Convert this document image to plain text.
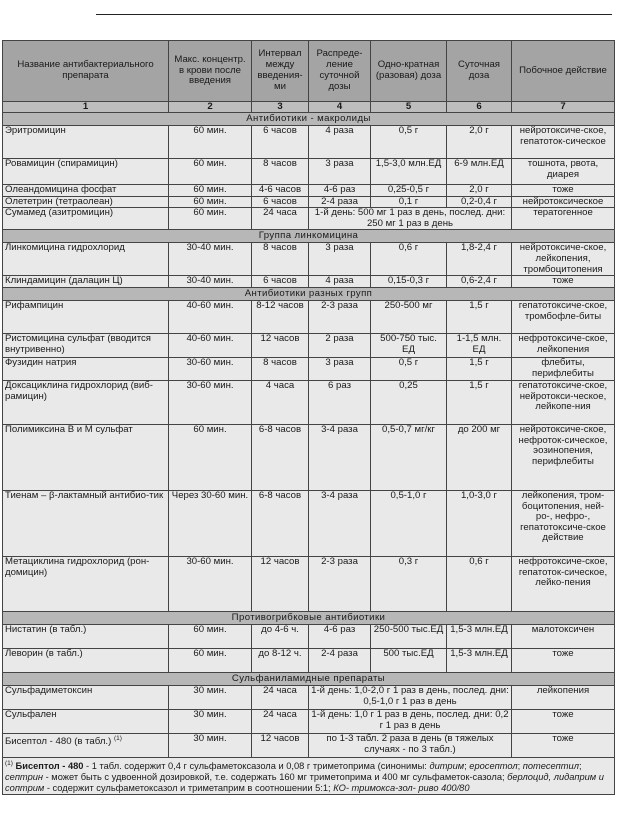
Название антибактериального препарата	Макс. концентр. в крови после введения	Интервал между введения-ми	Распреде-ление суточной дозы	Одно-кратная (разовая) доза	Суточная доза	Побочное действие
1	2	3	4	5	6	7
Антибиотики - макролиды						
Эритромицин	60 мин.	6 часов	4 раза	0,5 г	2,0 г	нейротоксиче-ское, гепатоток-сическое
Ровамицин (спирамицин)	60 мин.	8 часов	3 раза	1,5-3,0 млн.ЕД	6-9 млн.ЕД	тошнота, рвота, диарея
Олеандомицина фосфат	60 мин.	4-6 часов	4-6 раз	0,25-0,5 г	2,0 г	тоже
Олететрин (тетраолеан)	60 мин.	6 часов	2-4 раза	0,1 г	0,2-0,4 г	нейротоксическое
Сумамед (азитромицин)	60 мин.	24 часа	1-й день: 500 мг 1 раз в день, послед. дни: 250 мг 1 раз в день			тератогенное
Группа линкомицина						
Линкомицина гидрохлорид	30-40 мин.	8 часов	3 раза	0,6 г	1,8-2,4 г	нейротоксиче-ское, лейкопения, тромбоцитопения
Клиндамицин (далацин Ц)	30-40 мин.	6 часов	4 раза	0,15-0,3 г	0,6-2,4 г	тоже
Антибиотики разных групп						
Рифампицин	40-60 мин.	8-12 часов	2-3 раза	250-500 мг	1,5 г	гепатотоксиче-ское, тромбофле-биты
Ристомицина сульфат (вводится внутривенно)	40-60 мин.	12 часов	2 раза	500-750 тыс. ЕД	1-1,5 млн. ЕД	нефротоксиче-ское, лейкопения
Фузидин натрия	30-60 мин.	8 часов	3 раза	0,5 г	1,5 г	флебиты, перифлебиты
Доксациклина гидрохлорид (виб-рамицин)	30-60 мин.	4 часа	6 раз	0,25	1,5 г	гепатотоксиче-ское, нейротокси-ческое, лейкопе-ния
Полимиксина В и М сульфат	60 мин.	6-8 часов	3-4 раза	0,5-0,7 мг/кг	до 200 мг	нейротоксиче-ское, нефроток-сическое, эозинопения, перифлебиты
Тиенам – β-лактамный антибио-тик	Через 30-60 мин.	6-8 часов	3-4 раза	0,5-1,0 г	1,0-3,0 г	лейкопения, тром-боцитопения, ней-ро-, нефро-, гепатотоксиче-ское действие
Метациклина гидрохлорид (рон-домицин)	30-60 мин.	12 часов	2-3 раза	0,3 г	0,6 г	нефротоксиче-ское, гепатоток-сическое, лейко-пения
Противогрибковые антибиотики						
Нистатин (в табл.)	60 мин.	до 4-6 ч.	4-6 раз	250-500 тыс.ЕД	1,5-3 млн.ЕД	малотоксичен
Леворин (в табл.)	60 мин.	до 8-12 ч.	2-4 раза	500 тыс.ЕД	1,5-3 млн.ЕД	тоже
Сульфаниламидные препараты						
Сульфадиметоксин	30 мин.	24 часа	1-й день: 1,0-2,0 г 1 раз в день, послед. дни: 0,5-1,0 г 1 раз в день			лейкопения
Сульфален	30 мин.	24 часа	1-й день: 1,0 г 1 раз в день, послед. дни: 0,2 г 1 раз в день			тоже
Бисептол - 480 (в табл.) $^{(1)}$	30 мин.	12 часов	по 1-3 табл. 2 раза в день (в тяжелых случаях - по 3 табл.)			тоже
$^{(1)}$ Бисептол - 480 - 1 табл. содержит 0,4 г сульфаметоксазола и 0,08 г триметоприма (синонимы: дитрим; еросептол; потесептил; септрин - может быть с удвоенной дозировкой, т.е. содержать 160 мг триметоприма и 400 мг сульфаметок-сазола; берлоцид, лидаприм и соптрим - содержит сульфаметоксазол и триметаприм в соотношении 5:1; КО- тримокса-зол- риво 400/80						
